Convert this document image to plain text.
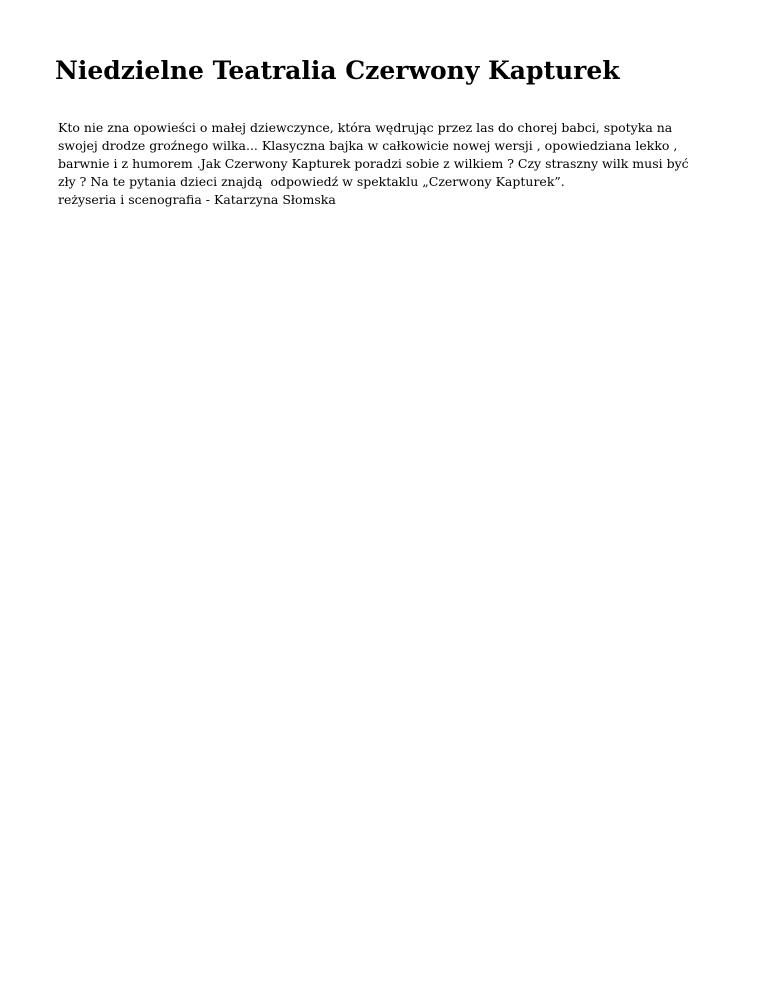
Niedzielne Teatralia Czerwony Kapturek
Kto nie zna opowieści o małej dziewczynce, która wędrując przez las do chorej babci, spotyka na
swojej drodze groźnego wilka... Klasyczna bajka w całkowicie nowej wersji , opowiedziana lekko ,
barwnie i z humorem .Jak Czerwony Kapturek poradzi sobie z wilkiem ? Czy straszny wilk musi być
zły ? Na te pytania dzieci znajdą  odpowiedź w spektaklu „Czerwony Kapturek”.
reżyseria i scenografia - Katarzyna Słomska
